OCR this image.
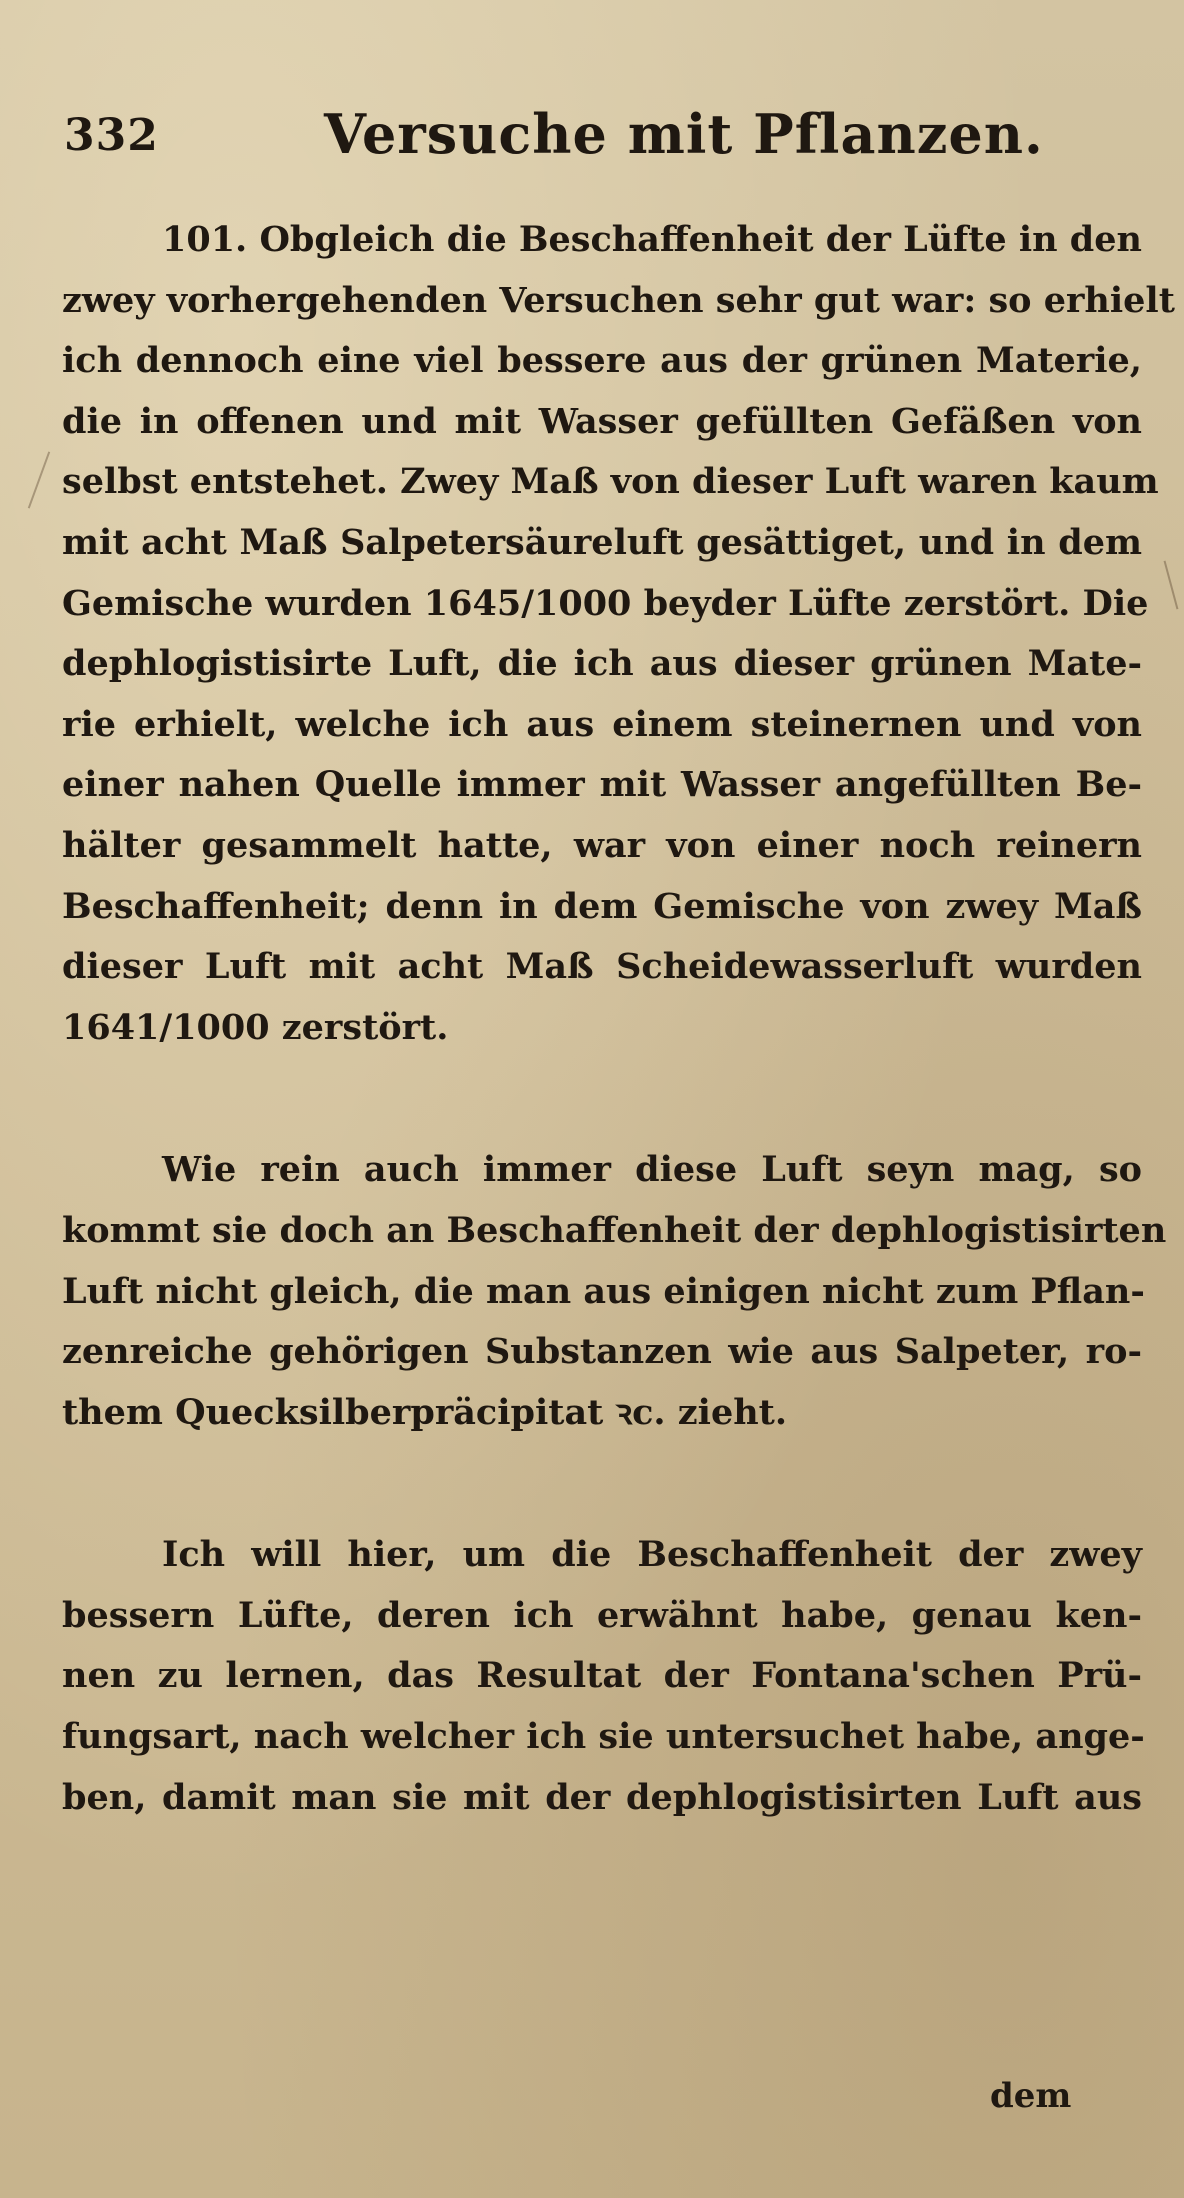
332	Versuche mit Pflanzen.
101. Obgleich die Beschaffenheit der Lüfte in den
zwey vorhergehenden Versuchen sehr gut war: so erhielt
ich dennoch eine viel bessere aus der grünen Materie,
die in offenen und mit Wasser gefüllten Gefäßen von
selbst entstehet. Zwey Maß von dieser Luft waren kaum
mit acht Maß Salpetersäureluft gesättiget, und in dem
Gemische wurden 1645/1000 beyder Lüfte zerstört. Die
dephlogistisirte Luft, die ich aus dieser grünen Mate-
rie erhielt, welche ich aus einem steinernen und von
einer nahen Quelle immer mit Wasser angefüllten Be-
hälter gesammelt hatte, war von einer noch reinern
Beschaffenheit; denn in dem Gemische von zwey Maß
dieser Luft mit acht Maß Scheidewasserluft wurden
1641/1000 zerstört.
Wie rein auch immer diese Luft seyn mag, so
kommt sie doch an Beschaffenheit der dephlogistisirten
Luft nicht gleich, die man aus einigen nicht zum Pflan-
zenreiche gehörigen Substanzen wie aus Salpeter, ro-
them Quecksilberpräcipitat ꝛc. zieht.
Ich will hier, um die Beschaffenheit der zwey
bessern Lüfte, deren ich erwähnt habe, genau ken-
nen zu lernen, das Resultat der Fontana'schen Prü-
fungsart, nach welcher ich sie untersuchet habe, ange-
ben, damit man sie mit der dephlogistisirten Luft aus
dem
